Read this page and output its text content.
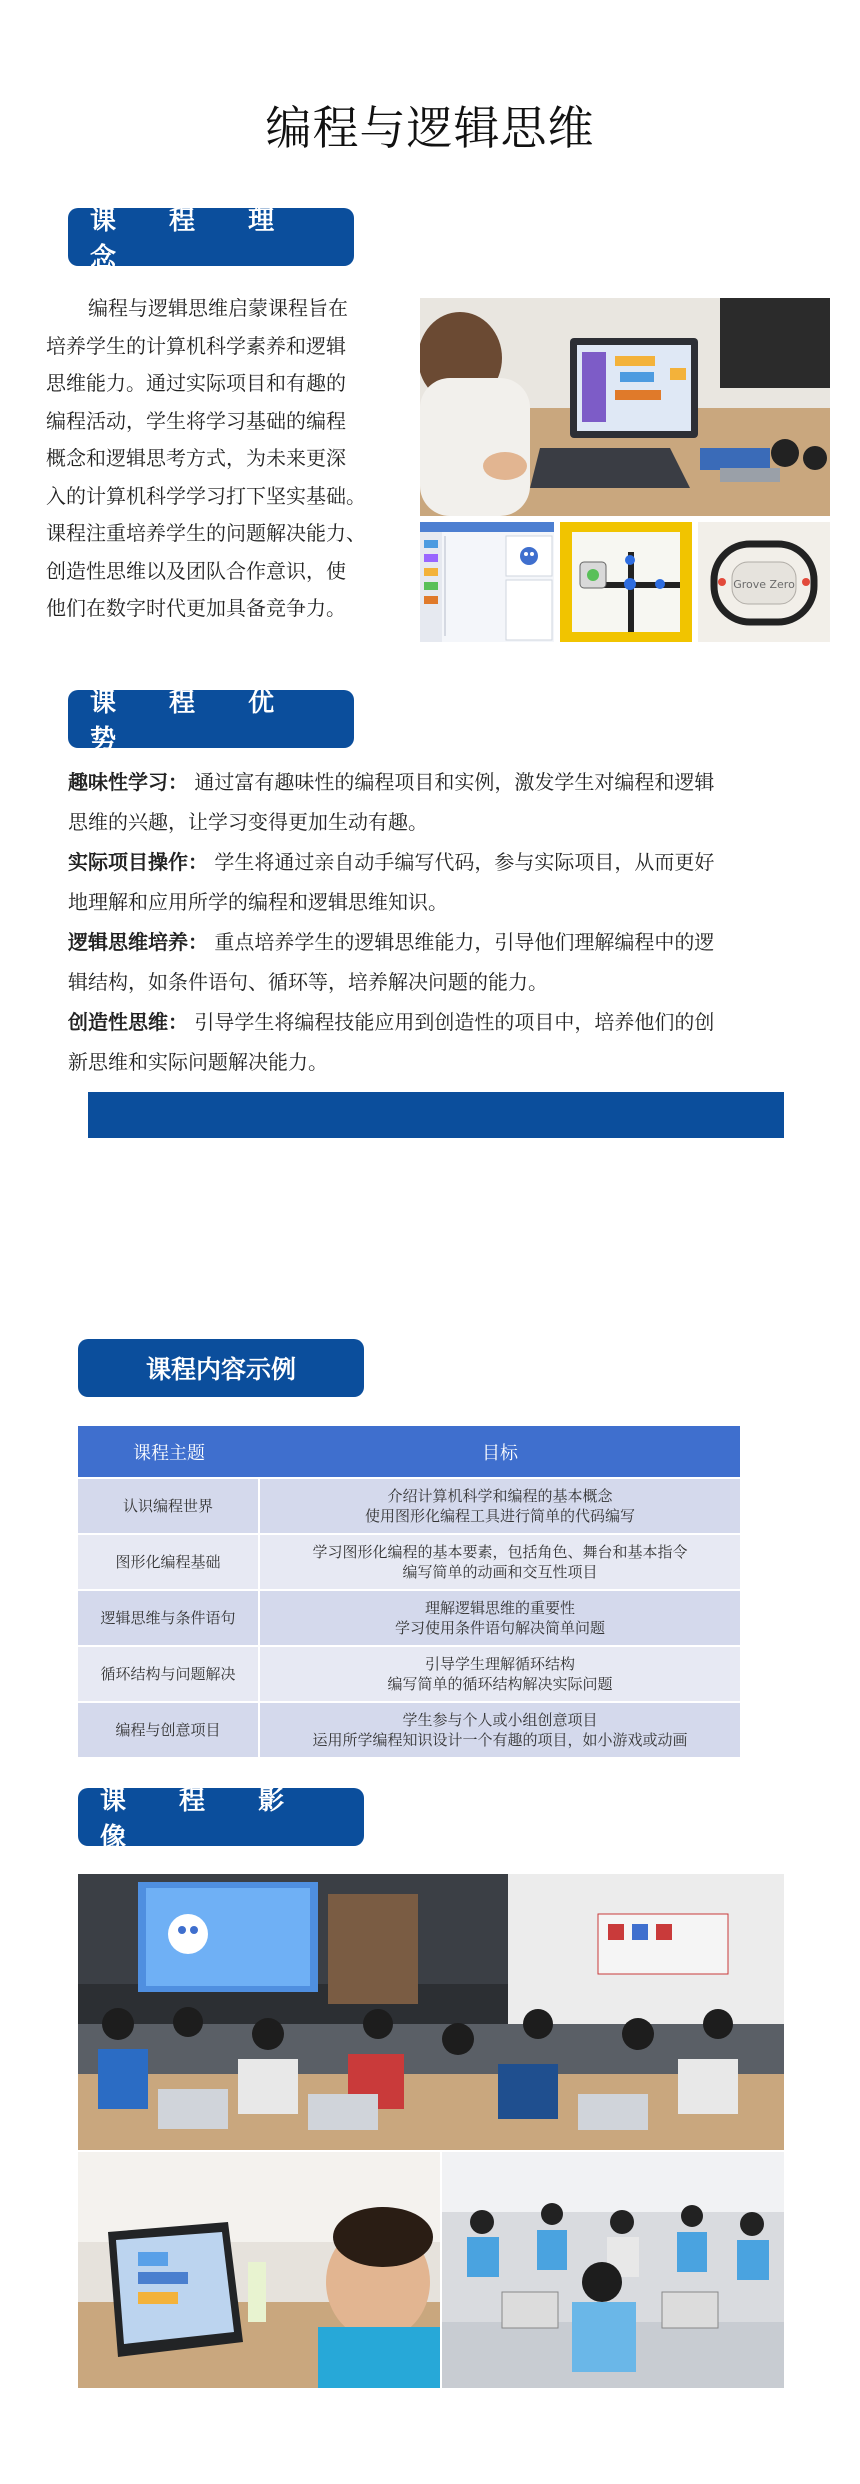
编程与逻辑思维
课 程 理 念
编程与逻辑思维启蒙课程旨在
培养学生的计算机科学素养和逻辑
思维能力。通过实际项目和有趣的
编程活动，学生将学习基础的编程
概念和逻辑思考方式，为未来更深
入的计算机科学学习打下坚实基础。
课程注重培养学生的问题解决能力、
创造性思维以及团队合作意识，使
他们在数字时代更加具备竞争力。
Grove Zero
课 程 优 势

趣味性学习： 通过富有趣味性的编程项目和实例，激发学生对编程和逻辑

思维的兴趣，让学习变得更加生动有趣。

实际项目操作： 学生将通过亲自动手编写代码，参与实际项目，从而更好

地理解和应用所学的编程和逻辑思维知识。

逻辑思维培养： 重点培养学生的逻辑思维能力，引导他们理解编程中的逻

辑结构，如条件语句、循环等，培养解决问题的能力。

创造性思维： 引导学生将编程技能应用到创造性的项目中，培养他们的创

新思维和实际问题解决能力。

课程内容示例
课程主题	目标
认识编程世界	介绍计算机科学和编程的基本概念
使用图形化编程工具进行简单的代码编写

图形化编程基础	学习图形化编程的基本要素，包括角色、舞台和基本指令
编写简单的动画和交互性项目

逻辑思维与条件语句	理解逻辑思维的重要性
学习使用条件语句解决简单问题

循环结构与问题解决	引导学生理解循环结构
编写简单的循环结构解决实际问题

编程与创意项目	学生参与个人或小组创意项目
运用所学编程知识设计一个有趣的项目，如小游戏或动画
课 程 影 像
